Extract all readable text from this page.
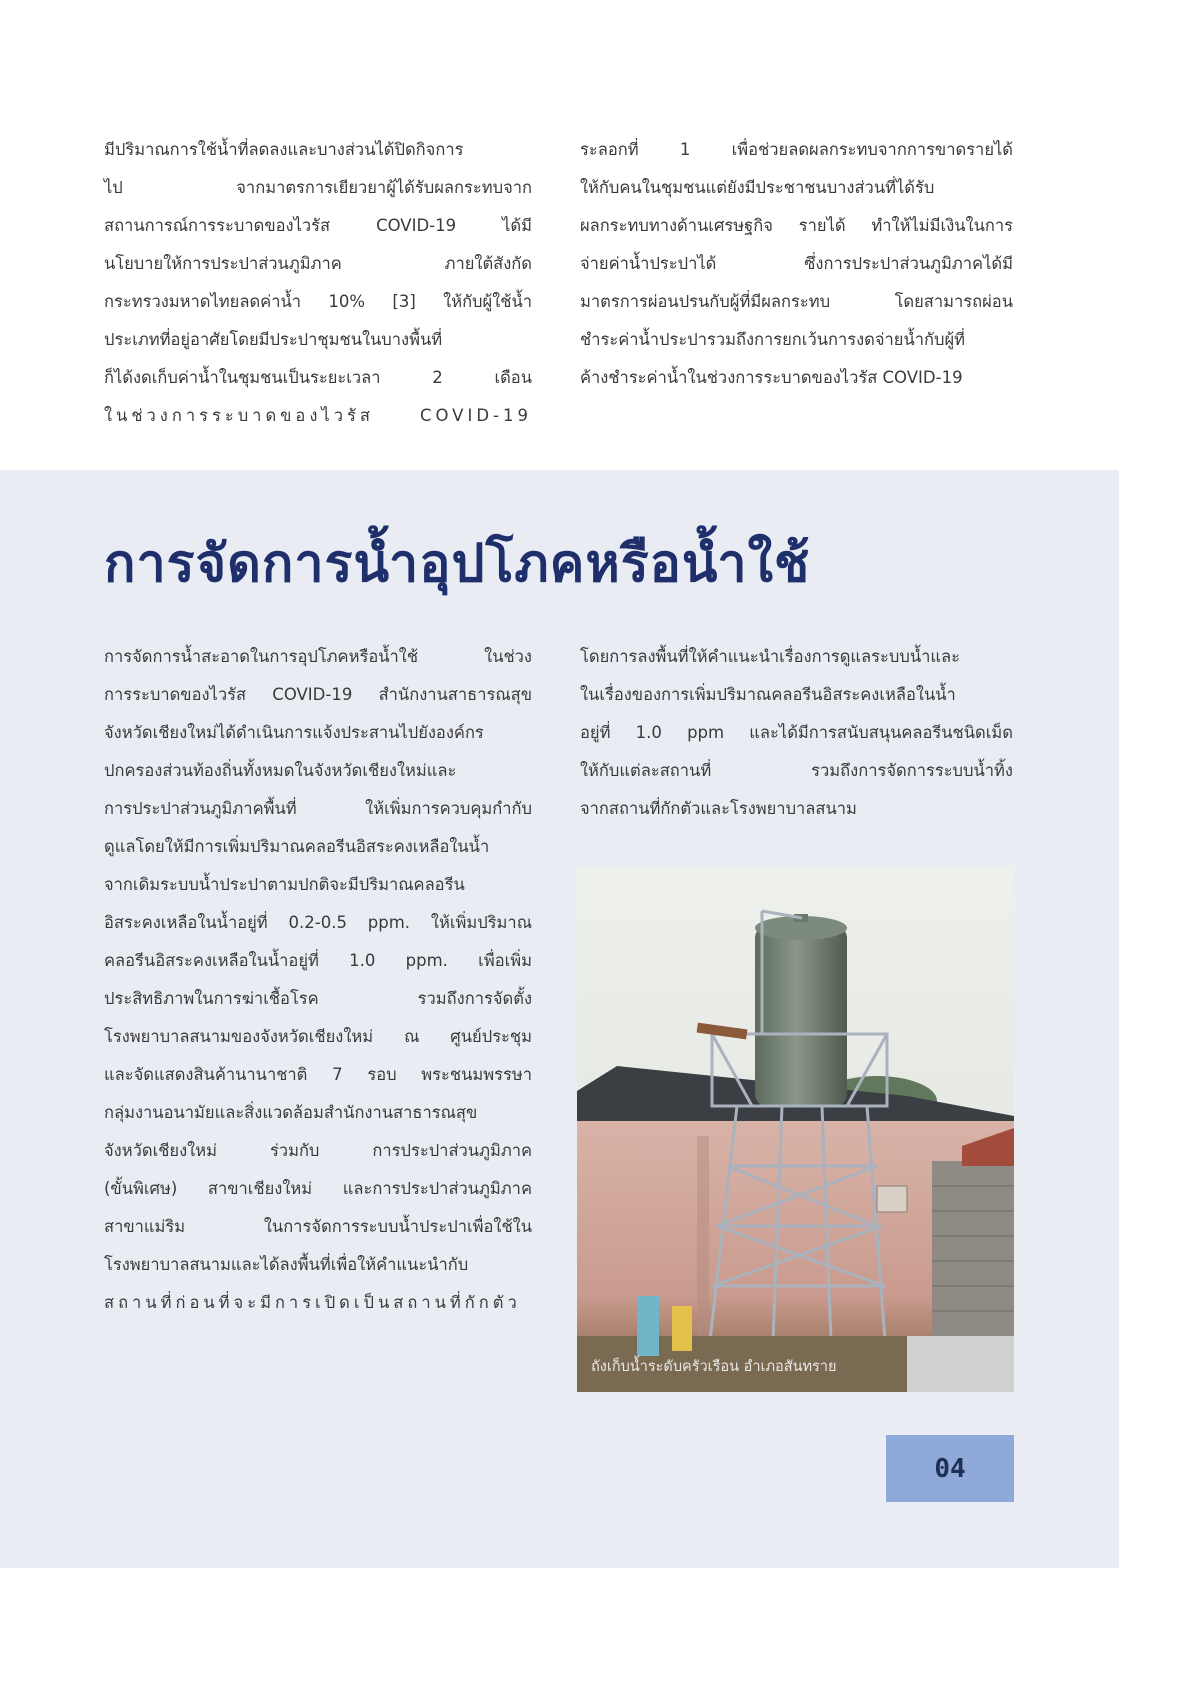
มีปริมาณการใช้น้ำที่ลดลงและบางส่วนได้ปิดกิจการ
ไป จากมาตรการเยียวยาผู้ได้รับผลกระทบจาก
สถานการณ์การระบาดของไวรัส COVID-19 ได้มี
นโยบายให้การประปาส่วนภูมิภาค ภายใต้สังกัด
กระทรวงมหาดไทยลดค่าน้ำ 10% [3] ให้กับผู้ใช้น้ำ
ประเภทที่อยู่อาศัยโดยมีประปาชุมชนในบางพื้นที่
ก็ได้งดเก็บค่าน้ำในชุมชนเป็นระยะเวลา 2 เดือน
ในช่วงการระบาดของไวรัส COVID-19
ระลอกที่ 1 เพื่อช่วยลดผลกระทบจากการขาดรายได้
ให้กับคนในชุมชนแต่ยังมีประชาชนบางส่วนที่ได้รับ
ผลกระทบทางด้านเศรษฐกิจ รายได้ ทำให้ไม่มีเงินในการ
จ่ายค่าน้ำประปาได้ ซึ่งการประปาส่วนภูมิภาคได้มี
มาตรการผ่อนปรนกับผู้ที่มีผลกระทบ โดยสามารถผ่อน
ชำระค่าน้ำประปารวมถึงการยกเว้นการงดจ่ายน้ำกับผู้ที่
ค้างชำระค่าน้ำในช่วงการระบาดของไวรัส COVID-19
การจัดการน้ำอุปโภคหรือน้ำใช้
การจัดการน้ำสะอาดในการอุปโภคหรือน้ำใช้ ในช่วง
การระบาดของไวรัส COVID-19 สำนักงานสาธารณสุข
จังหวัดเชียงใหม่ได้ดำเนินการแจ้งประสานไปยังองค์กร
ปกครองส่วนท้องถิ่นทั้งหมดในจังหวัดเชียงใหม่และ
การประปาส่วนภูมิภาคพื้นที่ ให้เพิ่มการควบคุมกำกับ
ดูแลโดยให้มีการเพิ่มปริมาณคลอรีนอิสระคงเหลือในน้ำ
จากเดิมระบบน้ำประปาตามปกติจะมีปริมาณคลอรีน
อิสระคงเหลือในน้ำอยู่ที่ 0.2-0.5 ppm. ให้เพิ่มปริมาณ
คลอรีนอิสระคงเหลือในน้ำอยู่ที่ 1.0 ppm. เพื่อเพิ่ม
ประสิทธิภาพในการฆ่าเชื้อโรค รวมถึงการจัดตั้ง
โรงพยาบาลสนามของจังหวัดเชียงใหม่ ณ ศูนย์ประชุม
และจัดแสดงสินค้านานาชาติ 7 รอบ พระชนมพรรษา
กลุ่มงานอนามัยและสิ่งแวดล้อมสำนักงานสาธารณสุข
จังหวัดเชียงใหม่ ร่วมกับ การประปาส่วนภูมิภาค
(ขั้นพิเศษ) สาขาเชียงใหม่ และการประปาส่วนภูมิภาค
สาขาแม่ริม ในการจัดการระบบน้ำประปาเพื่อใช้ใน
โรงพยาบาลสนามและได้ลงพื้นที่เพื่อให้คำแนะนำกับ
สถานที่ก่อนที่จะมีการเปิดเป็นสถานที่กักตัว
โดยการลงพื้นที่ให้คำแนะนำเรื่องการดูแลระบบน้ำและ
ในเรื่องของการเพิ่มปริมาณคลอรีนอิสระคงเหลือในน้ำ
อยู่ที่ 1.0 ppm และได้มีการสนับสนุนคลอรีนชนิดเม็ด
ให้กับแต่ละสถานที่ รวมถึงการจัดการระบบน้ำทิ้ง
จากสถานที่กักตัวและโรงพยาบาลสนาม
ถังเก็บน้ำระดับครัวเรือน อำเภอสันทราย
04
